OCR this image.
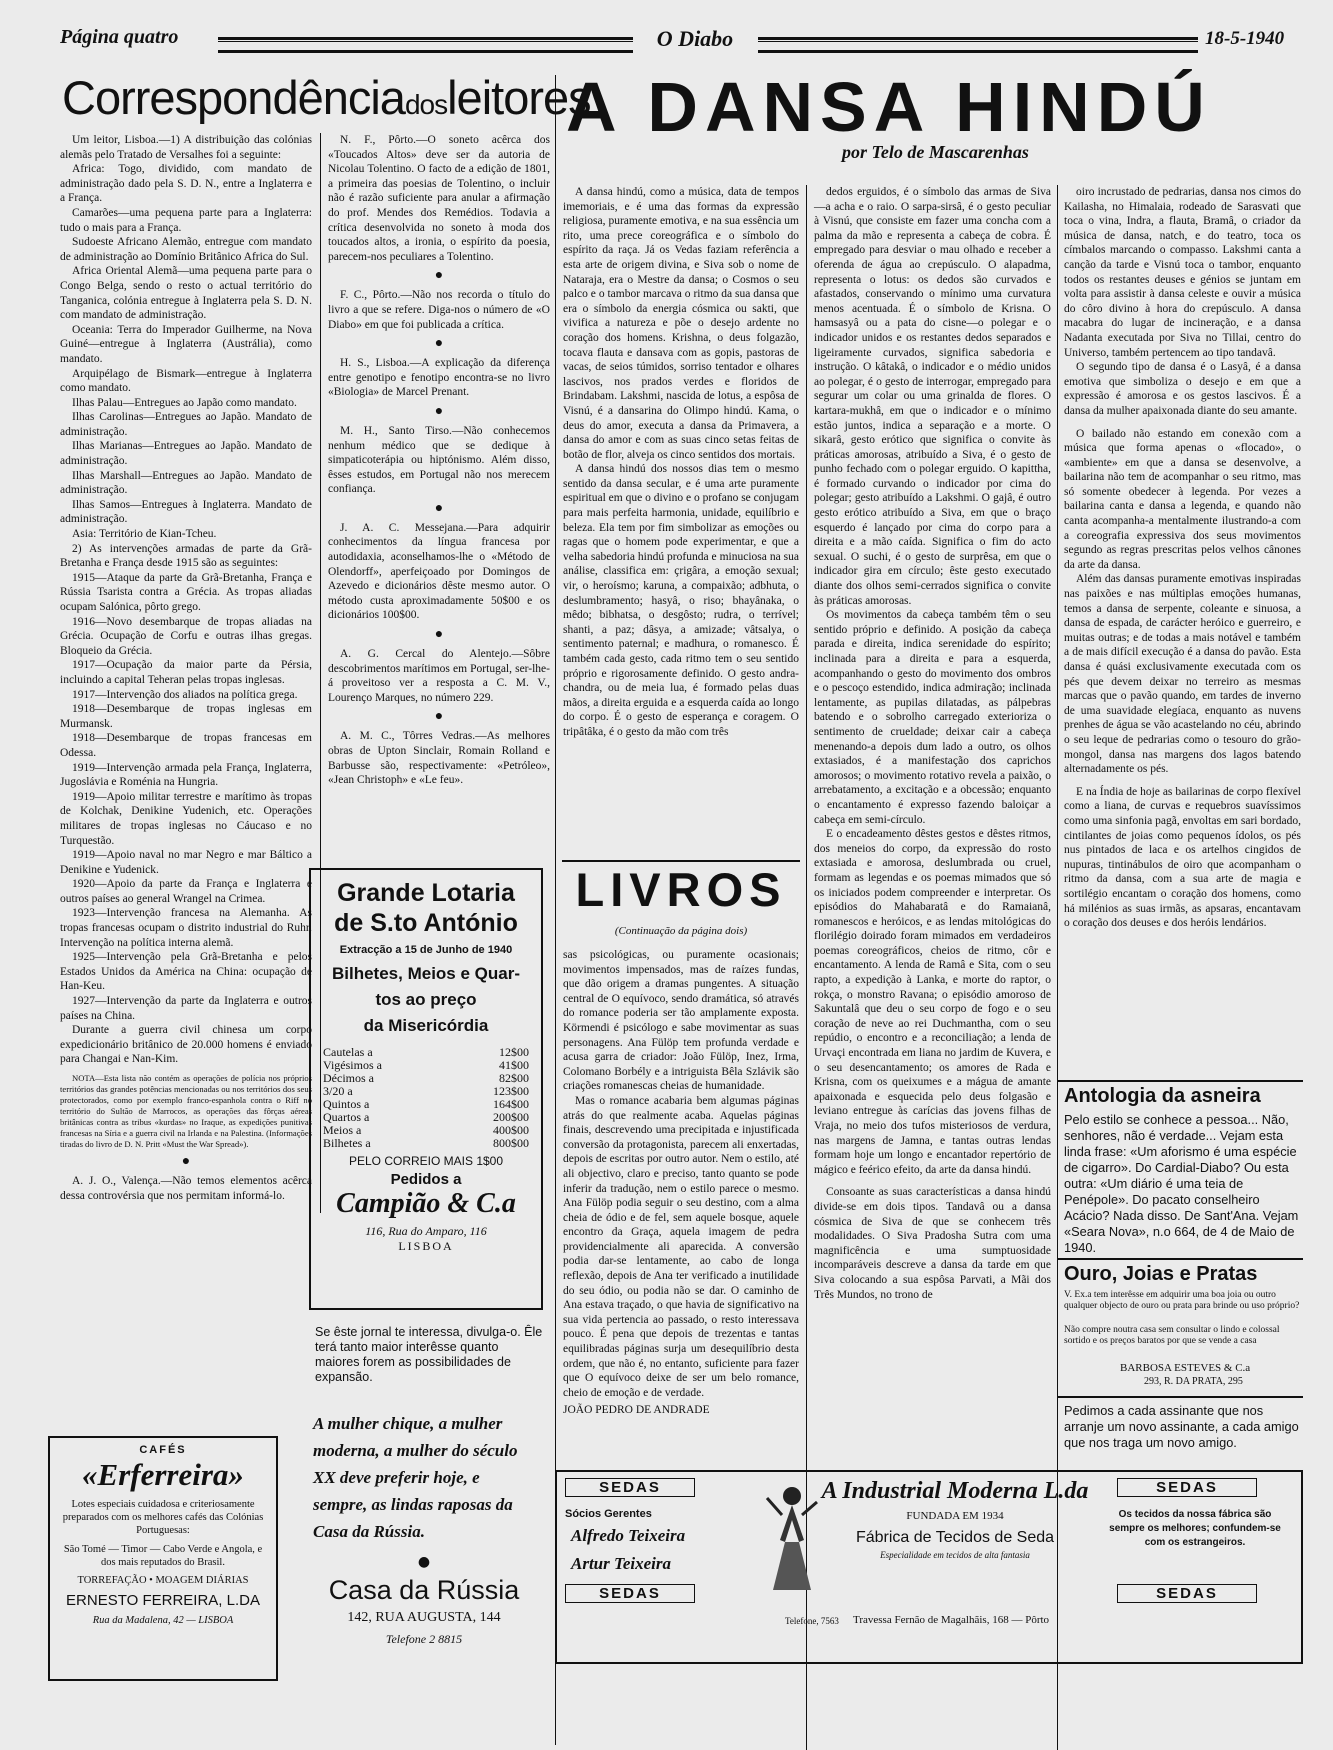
Página quatro	O Diabo	18-5-1940
Correspondênciadosleitores

Um leitor, Lisboa.—1) A distribuição das colónias alemãs pelo Tratado de Versalhes foi a seguinte:

Africa: Togo, dividido, com mandato de administração dado pela S. D. N., entre a Inglaterra e a França.

Camarões—uma pequena parte para a Inglaterra: tudo o mais para a França.

Sudoeste Africano Alemão, entregue com mandato de administração ao Domínio Britânico Africa do Sul.

Africa Oriental Alemã—uma pequena parte para o Congo Belga, sendo o resto o actual território do Tanganica, colónia entregue à Inglaterra pela S. D. N. com mandato de administração.

Oceania: Terra do Imperador Guilherme, na Nova Guiné—entregue à Inglaterra (Austrália), como mandato.

Arquipélago de Bismark—entregue à Inglaterra como mandato.

Ilhas Palau—Entregues ao Japão como mandato.

Ilhas Carolinas—Entregues ao Japão. Mandato de administração.

Ilhas Marianas—Entregues ao Japão. Mandato de administração.

Ilhas Marshall—Entregues ao Japão. Mandato de administração.

Ilhas Samos—Entregues à Inglaterra. Mandato de administração.

Asia: Território de Kian-Tcheu.

2) As intervenções armadas de parte da Grã-Bretanha e França desde 1915 são as seguintes:

1915—Ataque da parte da Grã-Bretanha, França e Rússia Tsarista contra a Grécia. As tropas aliadas ocupam Salónica, pôrto grego.

1916—Novo desembarque de tropas aliadas na Grécia. Ocupação de Corfu e outras ilhas gregas. Bloqueio da Grécia.

1917—Ocupação da maior parte da Pérsia, incluindo a capital Teheran pelas tropas inglesas.

1917—Intervenção dos aliados na política grega.

1918—Desembarque de tropas inglesas em Murmansk.

1918—Desembarque de tropas francesas em Odessa.

1919—Intervenção armada pela França, Inglaterra, Jugoslávia e Roménia na Hungria.

1919—Apoio militar terrestre e marítimo às tropas de Kolchak, Denikine Yudenich, etc. Operações militares de tropas inglesas no Cáucaso e no Turquestão.

1919—Apoio naval no mar Negro e mar Báltico a Denikine e Yudenick.

1920—Apoio da parte da França e Inglaterra e outros países ao general Wrangel na Crimea.

1923—Intervenção francesa na Alemanha. As tropas francesas ocupam o distrito industrial do Ruhr. Intervenção na política interna alemã.

1925—Intervenção pela Grã-Bretanha e pelos Estados Unidos da América na China: ocupação de Han-Keu.

1927—Intervenção da parte da Inglaterra e outros países na China.

Durante a guerra civil chinesa um corpo expedicionário britânico de 20.000 homens é enviado para Changai e Nan-Kim.

NOTA—Esta lista não contém as operações de polícia nos próprios territórios das grandes potências mencionadas ou nos territórios dos seus protectorados, como por exemplo franco-espanhola contra o Riff no território do Sultão de Marrocos, as operações das fôrças aéreas britânicas contra as tribus «kurdas» no Iraque, as expedições punitivas francesas na Síria e a guerra civil na Irlanda e na Palestina. (Informações tiradas do livro de D. N. Pritt «Must the War Spread»).

●

A. J. O., Valença.—Não temos elementos acêrca dessa controvérsia que nos permitam informá-lo.

N. F., Pôrto.—O soneto acêrca dos «Toucados Altos» deve ser da autoria de Nicolau Tolentino. O facto de a edição de 1801, a primeira das poesias de Tolentino, o incluir não é razão suficiente para anular a afirmação do prof. Mendes dos Remédios. Todavia a crítica desenvolvida no soneto à moda dos toucados altos, a ironia, o espírito da poesia, parecem-nos peculiares a Tolentino.

●

F. C., Pôrto.—Não nos recorda o título do livro a que se refere. Diga-nos o número de «O Diabo» em que foi publicada a crítica.

●

H. S., Lisboa.—A explicação da diferença entre genotipo e fenotipo encontra-se no livro «Biologia» de Marcel Prenant.

●

M. H., Santo Tirso.—Não conhecemos nenhum médico que se dedique à simpaticoterápia ou hiptónismo. Além disso, êsses estudos, em Portugal não nos merecem confiança.

●

J. A. C. Messejana.—Para adquirir conhecimentos da língua francesa por autodidaxia, aconselhamos-lhe o «Método de Olendorff», aperfeiçoado por Domingos de Azevedo e dicionários dêste mesmo autor. O método custa aproximadamente 50$00 e os dicionários 100$00.

●

A. G. Cercal do Alentejo.—Sôbre descobrimentos marítimos em Portugal, ser-lhe-á proveitoso ver a resposta a C. M. V., Lourenço Marques, no número 229.

●

A. M. C., Tôrres Vedras.—As melhores obras de Upton Sinclair, Romain Rolland e Barbusse são, respectivamente: «Petróleo», «Jean Christoph» e «Le feu».

Grande Lotaria
de S.to António
Extracção a 15 de Junho de 1940
Bilhetes, Meios e Quar-
tos ao preço
da Misericórdia
Cautelas a	12$00
Vigésimos a	41$00
Décimos a	82$00
3/20 a	123$00
Quintos a	164$00
Quartos a	200$00
Meios a	400$00
Bilhetes a	800$00
PELO CORREIO MAIS 1$00
Pedidos a
Campião & C.a
116, Rua do Amparo, 116
LISBOA
Se êste jornal te interessa, divulga-o. Êle terá tanto maior interêsse quanto maiores forem as possibilidades de expansão.
CAFÉS
«Erferreira»
Lotes especiais cuidadosa e criteriosamente preparados com os melhores cafés das Colónias Portuguesas:
São Tomé — Timor — Cabo Verde e Angola, e dos mais reputados do Brasil.
TORREFAÇÃO • MOAGEM DIÁRIAS
ERNESTO FERREIRA, L.DA
Rua da Madalena, 42 — LISBOA
A mulher chique, a mulher moderna, a mulher do século XX deve preferir hoje, e sempre, as lindas raposas da Casa da Rússia.
●
Casa da Rússia
142, RUA AUGUSTA, 144
Telefone 2 8815
A DANSA HINDÚ
por Telo de Mascarenhas

A dansa hindú, como a música, data de tempos imemoriais, e é uma das formas da expressão religiosa, puramente emotiva, e na sua essência um rito, uma prece coreográfica e o símbolo do espírito da raça. Já os Vedas faziam referência a esta arte de origem divina, e Siva sob o nome de Nataraja, era o Mestre da dansa; o Cosmos o seu palco e o tambor marcava o ritmo da sua dansa que era o símbolo da energia cósmica ou sakti, que vivifica a natureza e põe o desejo ardente no coração dos homens. Krishna, o deus folgazão, tocava flauta e dansava com as gopis, pastoras de vacas, de seios túmidos, sorriso tentador e olhares lascivos, nos prados verdes e floridos de Brindabam. Lakshmi, nascida de lotus, a espôsa de Visnú, é a dansarina do Olimpo hindú. Kama, o deus do amor, executa a dansa da Primavera, a dansa do amor e com as suas cinco setas feitas de botão de flor, alveja os cinco sentidos dos mortais.

A dansa hindú dos nossos dias tem o mesmo sentido da dansa secular, e é uma arte puramente espiritual em que o divino e o profano se conjugam para mais perfeita harmonia, unidade, equilíbrio e beleza. Ela tem por fim simbolizar as emoções ou ragas que o homem pode experimentar, e que a velha sabedoria hindú profunda e minuciosa na sua análise, classifica em: çrigâra, a emoção sexual; vir, o heroísmo; karuna, a compaixão; adbhuta, o deslumbramento; hasyâ, o riso; bhayânaka, o mêdo; bibhatsa, o desgôsto; rudra, o terrível; shanti, a paz; dâsya, a amizade; vâtsalya, o sentimento paternal; e madhura, o romanesco. É também cada gesto, cada ritmo tem o seu sentido próprio e rigorosamente definido. O gesto andra-chandra, ou de meia lua, é formado pelas duas mãos, a direita erguida e a esquerda caída ao longo do corpo. É o gesto de esperança e coragem. O tripâtâka, é o gesto da mão com três

dedos erguidos, é o símbolo das armas de Siva—a acha e o raio. O sarpa-sirsâ, é o gesto peculiar à Visnú, que consiste em fazer uma concha com a palma da mão e representa a cabeça de cobra. É empregado para desviar o mau olhado e receber a oferenda de água ao crepúsculo. O alapadma, representa o lotus: os dedos são curvados e afastados, conservando o mínimo uma curvatura menos acentuada. É o símbolo de Krisna. O hamsasyâ ou a pata do cisne—o polegar e o indicador unidos e os restantes dedos separados e ligeiramente curvados, significa sabedoria e instrução. O kâtakâ, o indicador e o médio unidos ao polegar, é o gesto de interrogar, empregado para segurar um colar ou uma grinalda de flores. O kartara-mukhâ, em que o indicador e o mínimo estão juntos, indica a separação e a morte. O sikarâ, gesto erótico que significa o convite às práticas amorosas, atribuído a Siva, é o gesto de punho fechado com o polegar erguido. O kapittha, é formado curvando o indicador por cima do polegar; gesto atribuído a Lakshmi. O gajâ, é outro gesto erótico atribuído a Siva, em que o braço esquerdo é lançado por cima do corpo para a direita e a mão caída. Significa o fim do acto sexual. O suchi, é o gesto de surprêsa, em que o indicador gira em círculo; êste gesto executado diante dos olhos semi-cerrados significa o convite às práticas amorosas.

Os movimentos da cabeça também têm o seu sentido próprio e definido. A posição da cabeça parada e direita, indica serenidade do espírito; inclinada para a direita e para a esquerda, acompanhando o gesto do movimento dos ombros e o pescoço estendido, indica admiração; inclinada lentamente, as pupilas dilatadas, as pálpebras batendo e o sobrolho carregado exterioriza o sentimento de crueldade; deixar cair a cabeça menenando-a depois dum lado a outro, os olhos extasiados, é a manifestação dos caprichos amorosos; o movimento rotativo revela a paixão, o arrebatamento, a excitação e a obcessão; enquanto o encantamento é expresso fazendo baloiçar a cabeça em semi-círculo.

E o encadeamento dêstes gestos e dêstes ritmos, dos meneios do corpo, da expressão do rosto extasiada e amorosa, deslumbrada ou cruel, formam as legendas e os poemas mimados que só os iniciados podem compreender e interpretar. Os episódios do Mahabaratâ e do Ramaianâ, romanescos e heróicos, e as lendas mitológicas do florilégio doirado foram mimados em verdadeiros poemas coreográficos, cheios de ritmo, côr e encantamento. A lenda de Ramâ e Sita, com o seu rapto, a expedição à Lanka, e morte do raptor, o rokça, o monstro Ravana; o episódio amoroso de Sakuntalâ que deu o seu corpo de fogo e o seu coração de neve ao rei Duchmantha, com o seu repúdio, o encontro e a reconciliação; a lenda de Urvaçi encontrada em liana no jardim de Kuvera, e o seu desencantamento; os amores de Rada e Krisna, com os queixumes e a mágua de amante apaixonada e esquecida pelo deus folgasão e leviano entregue às carícias das jovens filhas de Vraja, no meio dos tufos misteriosos de verdura, nas margens de Jamna, e tantas outras lendas formam hoje um longo e encantador repertório de mágico e feérico efeito, da arte da dansa hindú.

Consoante as suas características a dansa hindú divide-se em dois tipos. Tandavâ ou a dansa cósmica de Siva de que se conhecem três modalidades. O Siva Pradosha Sutra com uma magnificência e uma sumptuosidade incomparáveis descreve a dansa da tarde em que Siva colocando a sua espôsa Parvati, a Mãi dos Três Mundos, no trono de

oiro incrustado de pedrarias, dansa nos cimos do Kailasha, no Himalaia, rodeado de Sarasvati que toca o vina, Indra, a flauta, Bramâ, o criador da música de dansa, natch, e do teatro, toca os címbalos marcando o compasso. Lakshmi canta a canção da tarde e Visnú toca o tambor, enquanto todos os restantes deuses e génios se juntam em volta para assistir à dansa celeste e ouvir a música do côro divino à hora do crepúsculo. A dansa macabra do lugar de incineração, e a dansa Nadanta executada por Siva no Tillai, centro do Universo, também pertencem ao tipo tandavâ.

O segundo tipo de dansa é o Lasyâ, é a dansa emotiva que simboliza o desejo e em que a expressão é amorosa e os gestos lascivos. É a dansa da mulher apaixonada diante do seu amante.

O bailado não estando em conexão com a música que forma apenas o «flocado», o «ambiente» em que a dansa se desenvolve, a bailarina não tem de acompanhar o seu ritmo, mas só somente obedecer à legenda. Por vezes a bailarina canta e dansa a legenda, e quando não canta acompanha-a mentalmente ilustrando-a com a coreografia expressiva dos seus movimentos segundo as regras prescritas pelos velhos cânones da arte da dansa.

Além das dansas puramente emotivas inspiradas nas paixões e nas múltiplas emoções humanas, temos a dansa de serpente, coleante e sinuosa, a dansa de espada, de carácter heróico e guerreiro, e muitas outras; e de todas a mais notável e também a de mais difícil execução é a dansa do pavão. Esta dansa é quási exclusivamente executada com os pés que devem deixar no terreiro as mesmas marcas que o pavão quando, em tardes de inverno de uma suavidade elegíaca, enquanto as nuvens prenhes de água se vão acastelando no céu, abrindo o seu leque de pedrarias como o tesouro do grão-mongol, dansa nas margens dos lagos batendo alternadamente os pés.

E na Índia de hoje as bailarinas de corpo flexível como a liana, de curvas e requebros suavíssimos como uma sinfonia pagã, envoltas em sari bordado, cintilantes de joias como pequenos ídolos, os pés nus pintados de laca e os artelhos cingidos de nupuras, tintinábulos de oiro que acompanham o ritmo da dansa, com a sua arte de magia e sortilégio encantam o coração dos homens, como há milénios as suas irmãs, as apsaras, encantavam o coração dos deuses e dos heróis lendários.

LIVROS
(Continuação da página dois)

sas psicológicas, ou puramente ocasionais; movimentos impensados, mas de raízes fundas, que dão origem a dramas pungentes. A situação central de O equívoco, sendo dramática, só através do romance poderia ser tão amplamente exposta. Körmendi é psicólogo e sabe movimentar as suas personagens. Ana Fülöp tem profunda verdade e acusa garra de criador: João Fülöp, Inez, Irma, Colomano Borbély e a intriguista Bêla Szlávik são criações romanescas cheias de humanidade.

Mas o romance acabaria bem algumas páginas atrás do que realmente acaba. Aquelas páginas finais, descrevendo uma precipitada e injustificada conversão da protagonista, parecem ali enxertadas, depois de escritas por outro autor. Nem o estilo, até ali objectivo, claro e preciso, tanto quanto se pode inferir da tradução, nem o estilo parece o mesmo. Ana Fülöp podia seguir o seu destino, com a alma cheia de ódio e de fel, sem aquele bosque, aquele encontro da Graça, aquela imagem de pedra providencialmente ali aparecida. A conversão podia dar-se lentamente, ao cabo de longa reflexão, depois de Ana ter verificado a inutilidade do seu ódio, ou podia não se dar. O caminho de Ana estava traçado, o que havia de significativo na sua vida pertencia ao passado, o resto interessava pouco. É pena que depois de trezentas e tantas equilibradas páginas surja um desequilíbrio desta ordem, que não é, no entanto, suficiente para fazer que O equívoco deixe de ser um belo romance, cheio de emoção e de verdade.

JOÃO PEDRO DE ANDRADE

Antologia da asneira
Pelo estilo se conhece a pessoa... Não, senhores, não é verdade... Vejam esta linda frase: «Um aforismo é uma espécie de cigarro». Do Cardial-Diabo? Ou esta outra: «Um diário é uma teia de Penépole». Do pacato conselheiro Acácio? Nada disso. De Sant'Ana. Vejam «Seara Nova», n.o 664, de 4 de Maio de 1940.
Ouro, Joias e Pratas
V. Ex.a tem interêsse em adquirir uma boa joia ou outro qualquer objecto de ouro ou prata para brinde ou uso próprio?
Não compre noutra casa sem consultar o lindo e colossal sortido e os preços baratos por que se vende a casa
BARBOSA ESTEVES & C.a
293, R. DA PRATA, 295
Pedimos a cada assinante que nos arranje um novo assinante, a cada amigo que nos traga um novo amigo.
SEDAS
Sócios Gerentes
Alfredo Teixeira
Artur Teixeira
SEDAS
Telefone, 7563
A Industrial Moderna L.da
FUNDADA EM 1934
Fábrica de Tecidos de Seda
Especialidade em tecidos de alta fantasia
Travessa Fernão de Magalhãis, 168 — Pôrto
SEDAS
Os tecidos da nossa fábrica são sempre os melhores; confundem-se com os estrangeiros.
SEDAS
